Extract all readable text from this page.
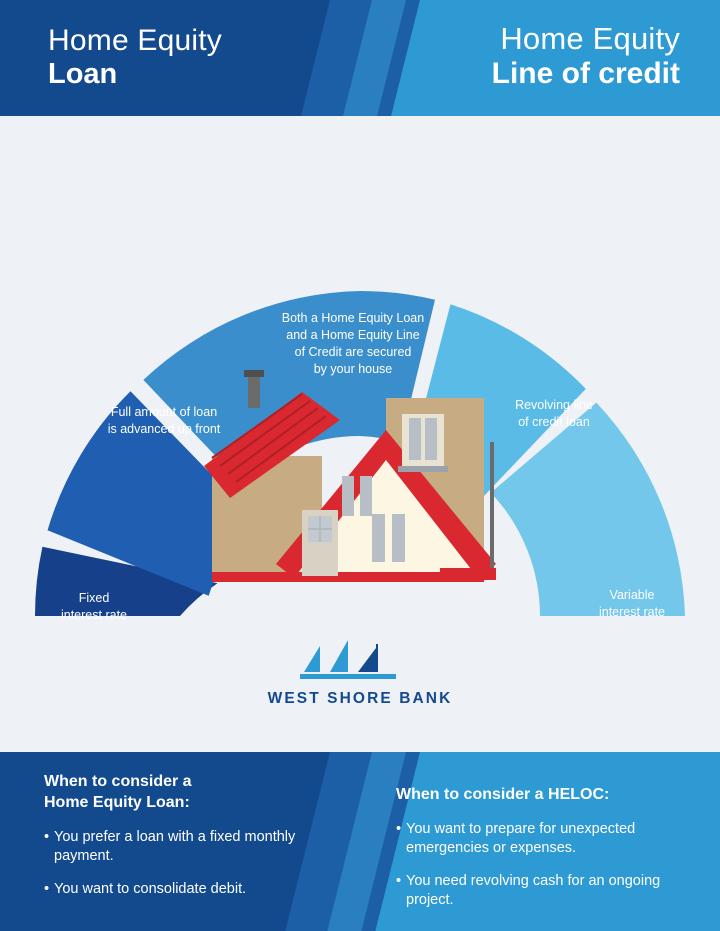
Home Equity
Loan
Home Equity
Line of credit
Fixed
interest rate
Full amount of loan
is advanced up front
Both a Home Equity Loan
and a Home Equity Line
of Credit are secured
by your house
Revolving line
of credit loan
Variable
interest rate
WEST SHORE BANK
When to consider a
Home Equity Loan:
• You prefer a loan with a fixed monthly payment.
• You want to consolidate debit.
When to consider a HELOC:
• You want to prepare for unexpected emergencies or expenses.
• You need revolving cash for an ongoing project.
